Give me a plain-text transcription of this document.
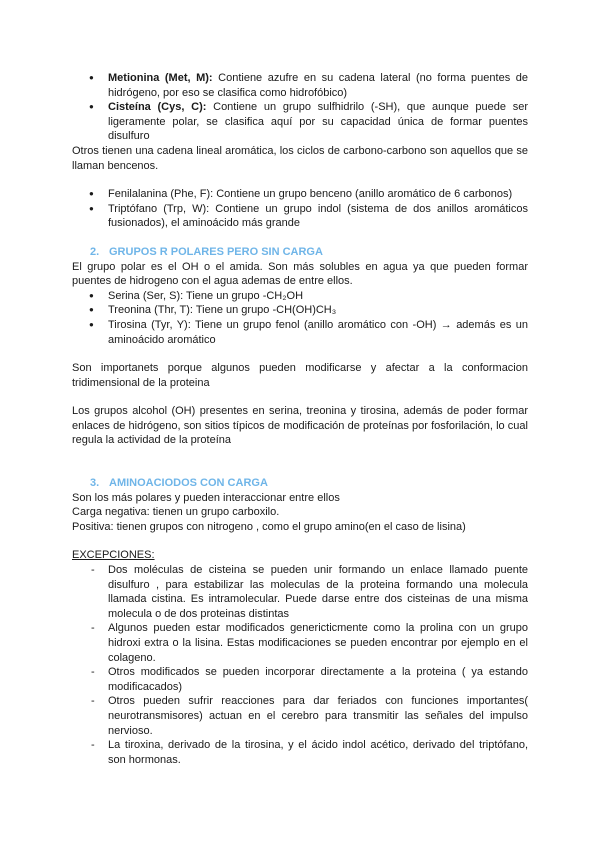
● Metionina (Met, M): Contiene azufre en su cadena lateral (no forma puentes de hidrógeno, por eso se clasifica como hidrofóbico)
● Cisteína (Cys, C): Contiene un grupo sulfhidrilo (-SH), que aunque puede ser ligeramente polar, se clasifica aquí por su capacidad única de formar puentes disulfuro

Otros tienen una cadena lineal aromática, los ciclos de carbono-carbono son aquellos que se llaman bencenos.

● Fenilalanina (Phe, F): Contiene un grupo benceno (anillo aromático de 6 carbonos)
● Triptófano (Trp, W): Contiene un grupo indol (sistema de dos anillos aromáticos fusionados), el aminoácido más grande
2. GRUPOS R POLARES PERO SIN CARGA

El grupo polar es el OH o el amida. Son más solubles en agua ya que pueden formar puentes de hidrogeno con el agua ademas de entre ellos.

● Serina (Ser, S): Tiene un grupo -CH₂OH
● Treonina (Thr, T): Tiene un grupo -CH(OH)CH₃
● Tirosina (Tyr, Y): Tiene un grupo fenol (anillo aromático con -OH) → además es un aminoácido aromático

Son importanets porque algunos pueden modificarse y afectar a la conformacion tridimensional de la proteina

Los grupos alcohol (OH) presentes en serina, treonina y tirosina, además de poder formar enlaces de hidrógeno, son sitios típicos de modificación de proteínas por fosforilación, lo cual regula la actividad de la proteína

3. AMINOACIODOS CON CARGA

Son los más polares y pueden interaccionar entre ellos

Carga negativa: tienen un grupo carboxilo.

Positiva: tienen grupos con nitrogeno , como el grupo amino(en el caso de lisina)

EXCEPCIONES:

- Dos moléculas de cisteina se pueden unir formando un enlace llamado puente disulfuro , para estabilizar las moleculas de la proteina formando una molecula llamada cistina. Es intramolecular. Puede darse entre dos cisteinas de una misma molecula o de dos proteinas distintas
- Algunos pueden estar modificados genericticmente como la prolina con un grupo hidroxi extra o la lisina. Estas modificaciones se pueden encontrar por ejemplo en el colageno.
- Otros modificados se pueden incorporar directamente a la proteina ( ya estando modificacados)
- Otros pueden sufrir reacciones para dar feriados con funciones importantes( neurotransmisores) actuan en el cerebro para transmitir las señales del impulso nervioso.
- La tiroxina, derivado de la tirosina, y el ácido indol acético, derivado del triptófano, son hormonas.
